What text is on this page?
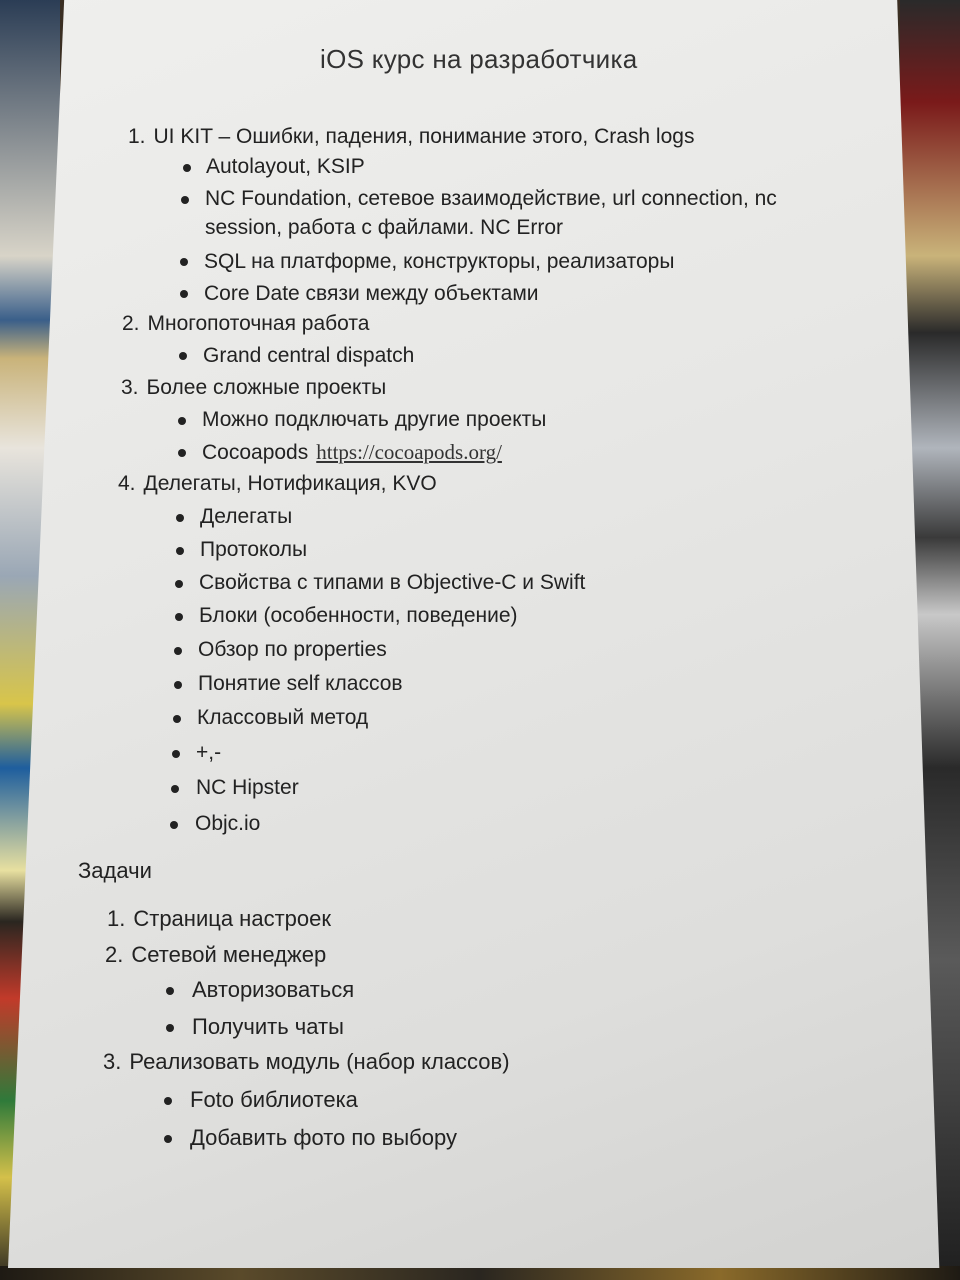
iOS курс на разработчика
1. UI KIT – Ошибки, падения, понимание этого, Crash logs
Autolayout, KSIP
NC Foundation, сетевое взаимодействие, url connection, nc
session, работа с файлами. NC Error
SQL на платформе, конструкторы, реализаторы
Core Date связи между объектами
2. Многопоточная работа
Grand central dispatch
3. Более сложные проекты
Можно подключать другие проекты
Cocoapods https://cocoapods.org/
4. Делегаты, Нотификация, KVO
Делегаты
Протоколы
Свойства с типами в Objective-C и Swift
Блоки (особенности, поведение)
Обзор по properties
Понятие self классов
Классовый метод
+,-
NC Hipster
Objc.io
Задачи
1. Страница настроек
2. Сетевой менеджер
Авторизоваться
Получить чаты
3. Реализовать модуль (набор классов)
Foto библиотека
Добавить фото по выбору
